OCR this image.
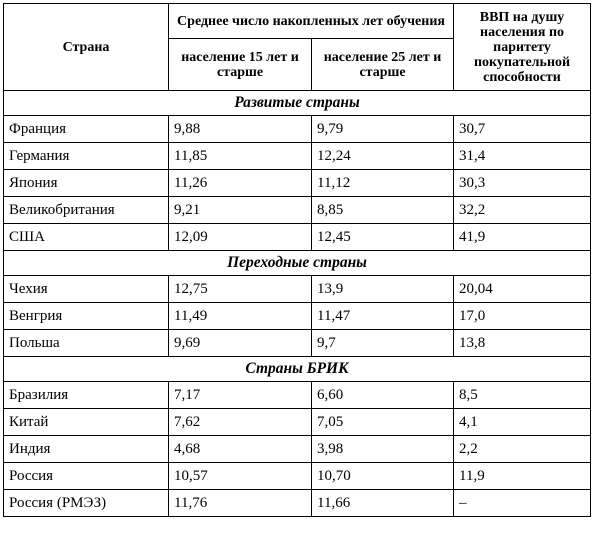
Страна	Среднее число накопленных лет обучения		ВВП на душу населения по паритету покупательной способности
	население 15 лет и старше	население 25 лет и старше	
Развитые страны			
Франция	9,88	9,79	30,7
Германия	11,85	12,24	31,4
Япония	11,26	11,12	30,3
Великобритания	9,21	8,85	32,2
США	12,09	12,45	41,9
Переходные страны			
Чехия	12,75	13,9	20,04
Венгрия	11,49	11,47	17,0
Польша	9,69	9,7	13,8
Страны БРИК			
Бразилия	7,17	6,60	8,5
Китай	7,62	7,05	4,1
Индия	4,68	3,98	2,2
Россия	10,57	10,70	11,9
Россия (РМЭЗ)	11,76	11,66	–
